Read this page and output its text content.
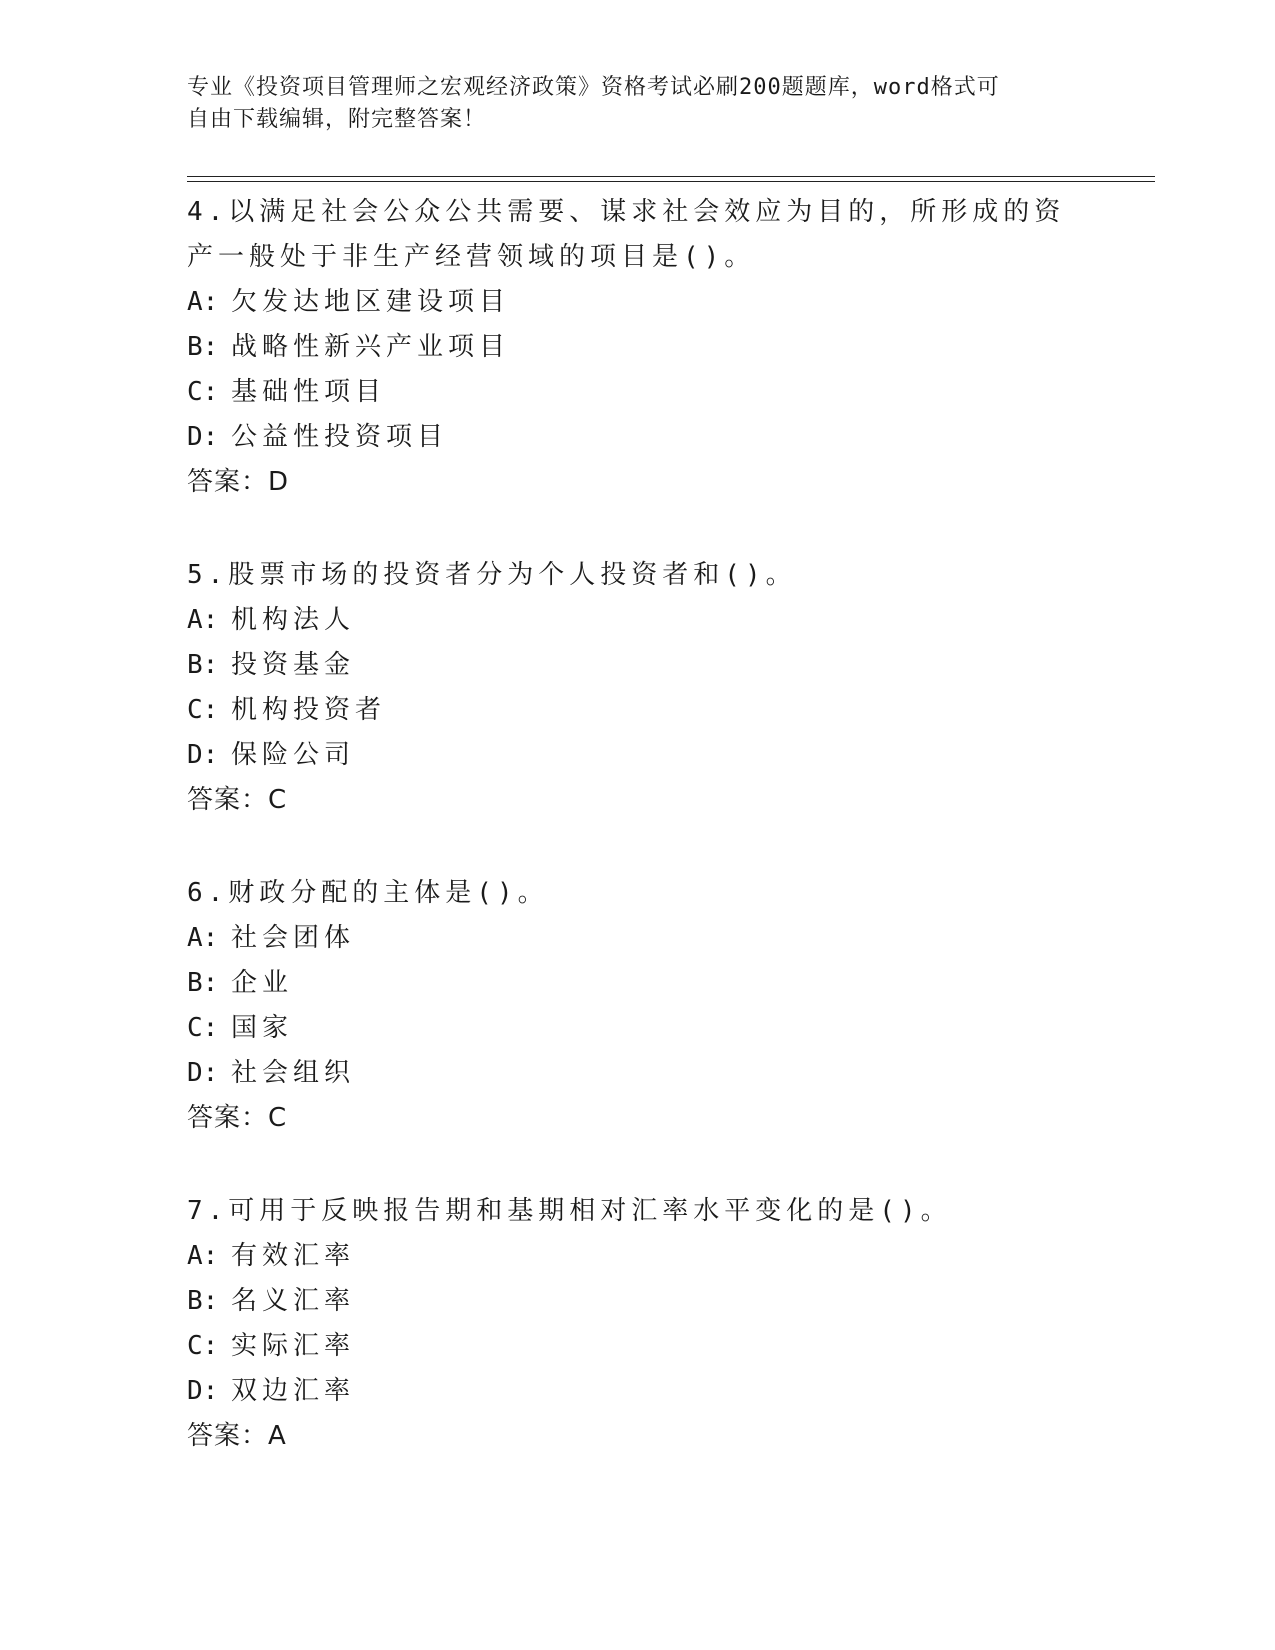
专业《投资项目管理师之宏观经济政策》资格考试必刷200题题库，word格式可
自由下载编辑，附完整答案！

4.以满足社会公众公共需要、谋求社会效应为目的，所形成的资产一般处于非生产经营领域的项目是()。

A: 欠发达地区建设项目

B: 战略性新兴产业项目

C: 基础性项目

D: 公益性投资项目

答案：D

5.股票市场的投资者分为个人投资者和()。

A: 机构法人

B: 投资基金

C: 机构投资者

D: 保险公司

答案：C

6.财政分配的主体是()。

A: 社会团体

B: 企业

C: 国家

D: 社会组织

答案：C

7.可用于反映报告期和基期相对汇率水平变化的是()。

A: 有效汇率

B: 名义汇率

C: 实际汇率

D: 双边汇率

答案：A
